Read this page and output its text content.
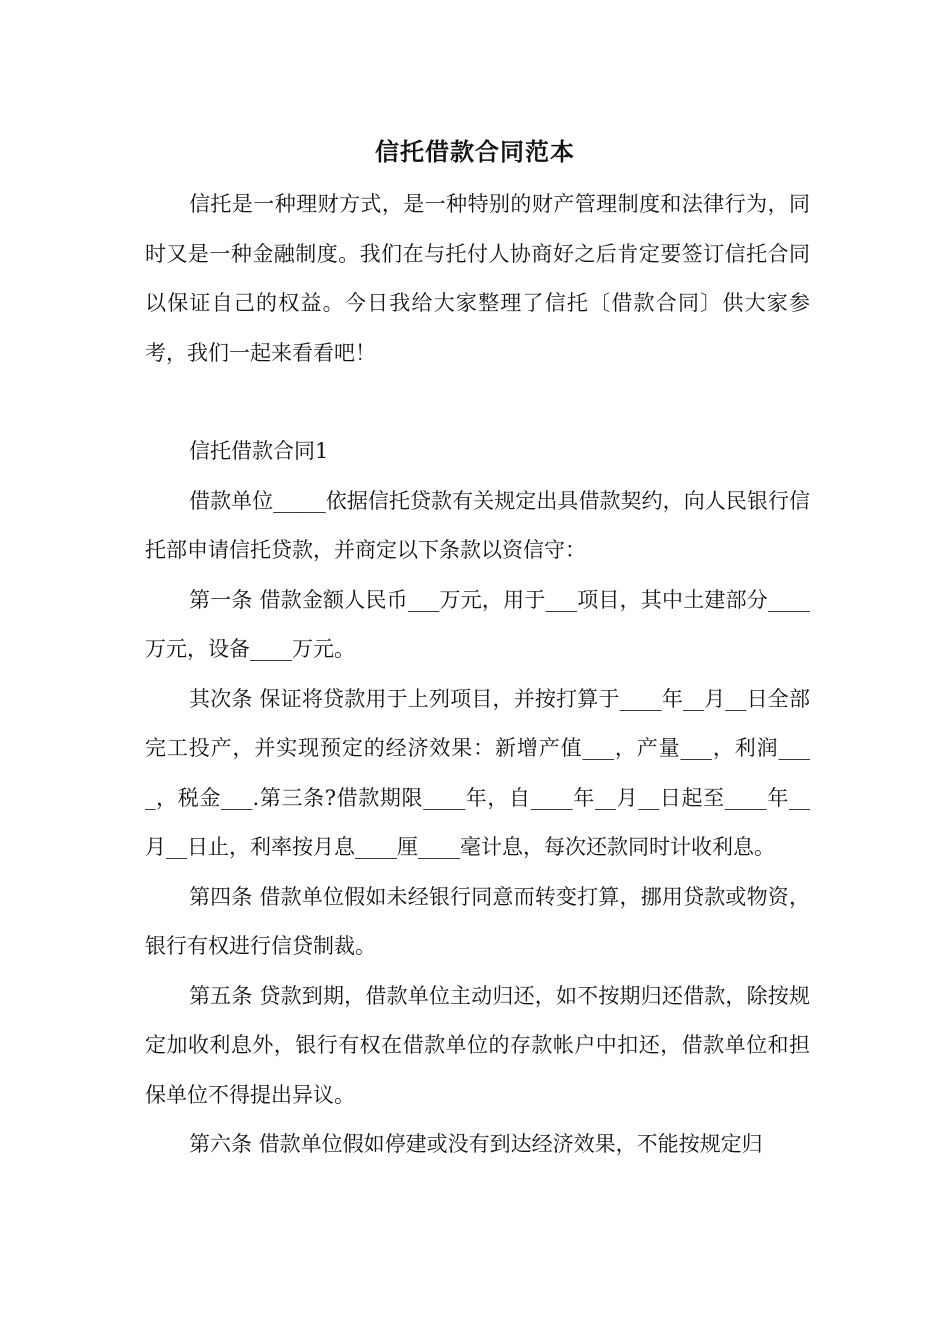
信托借款合同范本

信托是一种理财方式，是一种特别的财产管理制度和法律行为，同时又是一种金融制度。我们在与托付人协商好之后肯定要签订信托合同以保证自己的权益。今日我给大家整理了信托〔借款合同〕供大家参考，我们一起来看看吧！

信托借款合同1

借款单位_____依据信托贷款有关规定出具借款契约，向人民银行信托部申请信托贷款，并商定以下条款以资信守：

第一条 借款金额人民币___万元，用于___项目，其中土建部分____万元，设备____万元。

其次条 保证将贷款用于上列项目，并按打算于____年__月__日全部完工投产，并实现预定的经济效果：新增产值___，产量___，利润____，税金___.第三条?借款期限____年，自____年__月__日起至____年__月__日止，利率按月息____厘____毫计息，每次还款同时计收利息。

第四条 借款单位假如未经银行同意而转变打算，挪用贷款或物资，银行有权进行信贷制裁。

第五条 贷款到期，借款单位主动归还，如不按期归还借款，除按规定加收利息外，银行有权在借款单位的存款帐户中扣还，借款单位和担保单位不得提出异议。

第六条 借款单位假如停建或没有到达经济效果，不能按规定归
